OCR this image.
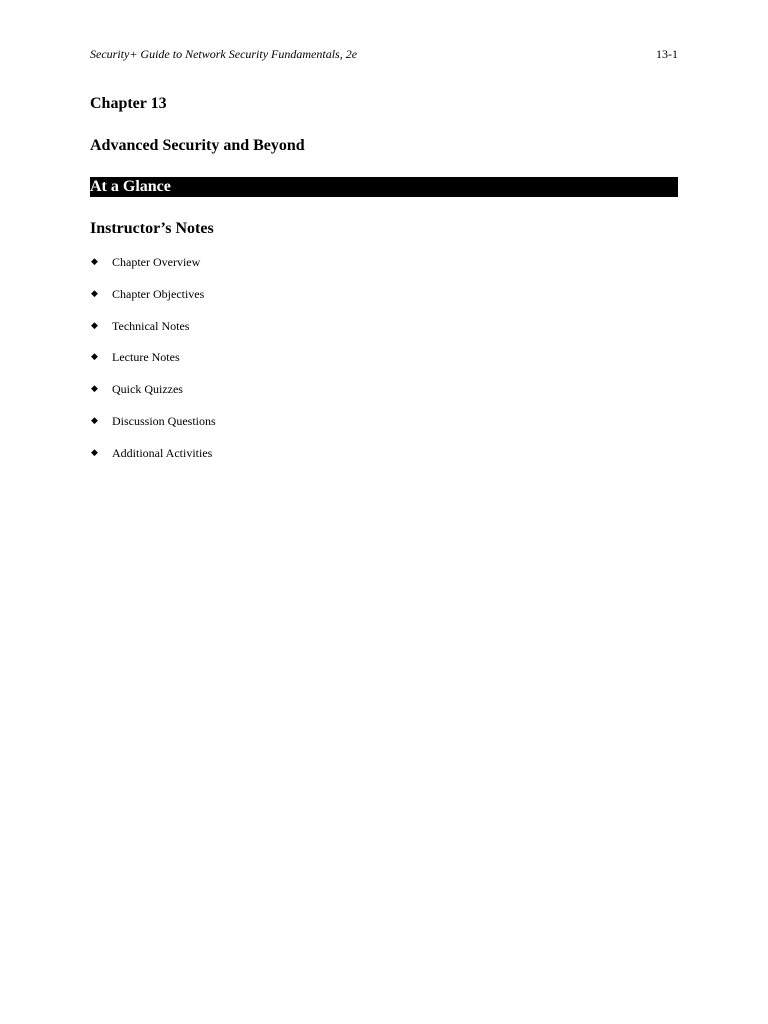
Security+ Guide to Network Security Fundamentals, 2e	13-1
Chapter 13
Advanced Security and Beyond
At a Glance
Instructor’s Notes
◆ Chapter Overview
◆ Chapter Objectives
◆ Technical Notes
◆ Lecture Notes
◆ Quick Quizzes
◆ Discussion Questions
◆ Additional Activities
